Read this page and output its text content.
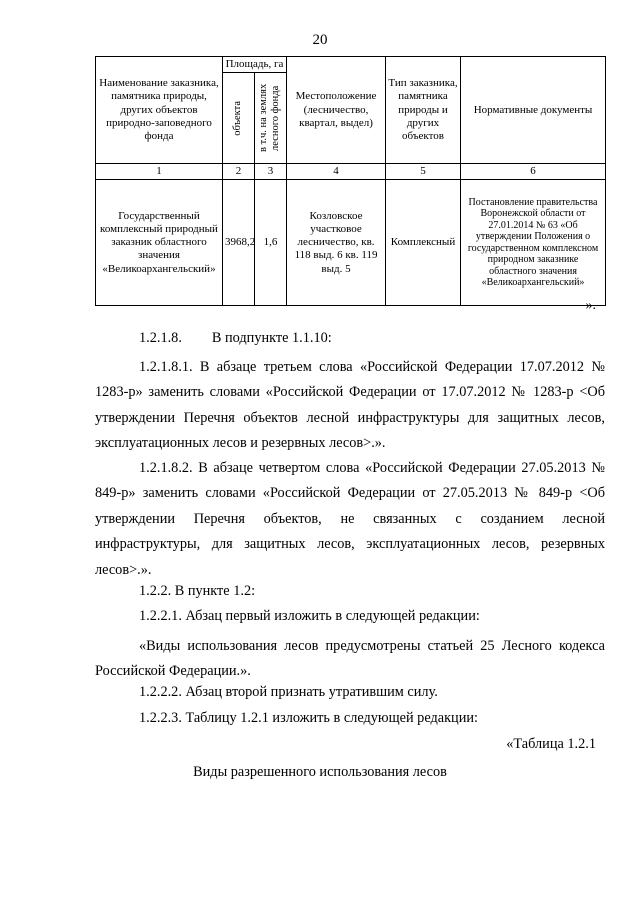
20
Наименование заказника, памятника природы, других объектов природно-заповедного фонда	Площадь, га		Местоположение (лесничество, квартал, выдел)	Тип заказника, памятника природы и других объектов	Нормативные документы

	объекта	в т.ч. на землях лесного фонда			

1	2	3	4	5	6
Государственный комплексный природный заказник областного значения «Великоархангельский»	3968,2	1,6	Козловское участковое лесничество, кв. 118 выд. 6 кв. 119 выд. 5	Комплексный	Постановление правительства Воронежской области от 27.01.2014 № 63 «Об утверждении Положения о государственном комплексном природном заказнике областного значения «Великоархангельский»
».
1.2.1.8. В подпункте 1.1.10:
1.2.1.8.1. В абзаце третьем слова «Российской Федерации 17.07.2012 № 1283-р» заменить словами «Российской Федерации от 17.07.2012 № 1283-р <Об утверждении Перечня объектов лесной инфраструктуры для защитных лесов, эксплуатационных лесов и резервных лесов>.».
1.2.1.8.2. В абзаце четвертом слова «Российской Федерации 27.05.2013 № 849-р» заменить словами «Российской Федерации от 27.05.2013 № 849-р <Об утверждении Перечня объектов, не связанных с созданием лесной инфраструктуры, для защитных лесов, эксплуатационных лесов, резервных лесов>.».
1.2.2. В пункте 1.2:
1.2.2.1. Абзац первый изложить в следующей редакции:
«Виды использования лесов предусмотрены статьей 25 Лесного кодекса Российской Федерации.».
1.2.2.2. Абзац второй признать утратившим силу.
1.2.2.3. Таблицу 1.2.1 изложить в следующей редакции:
«Таблица 1.2.1
Виды разрешенного использования лесов
